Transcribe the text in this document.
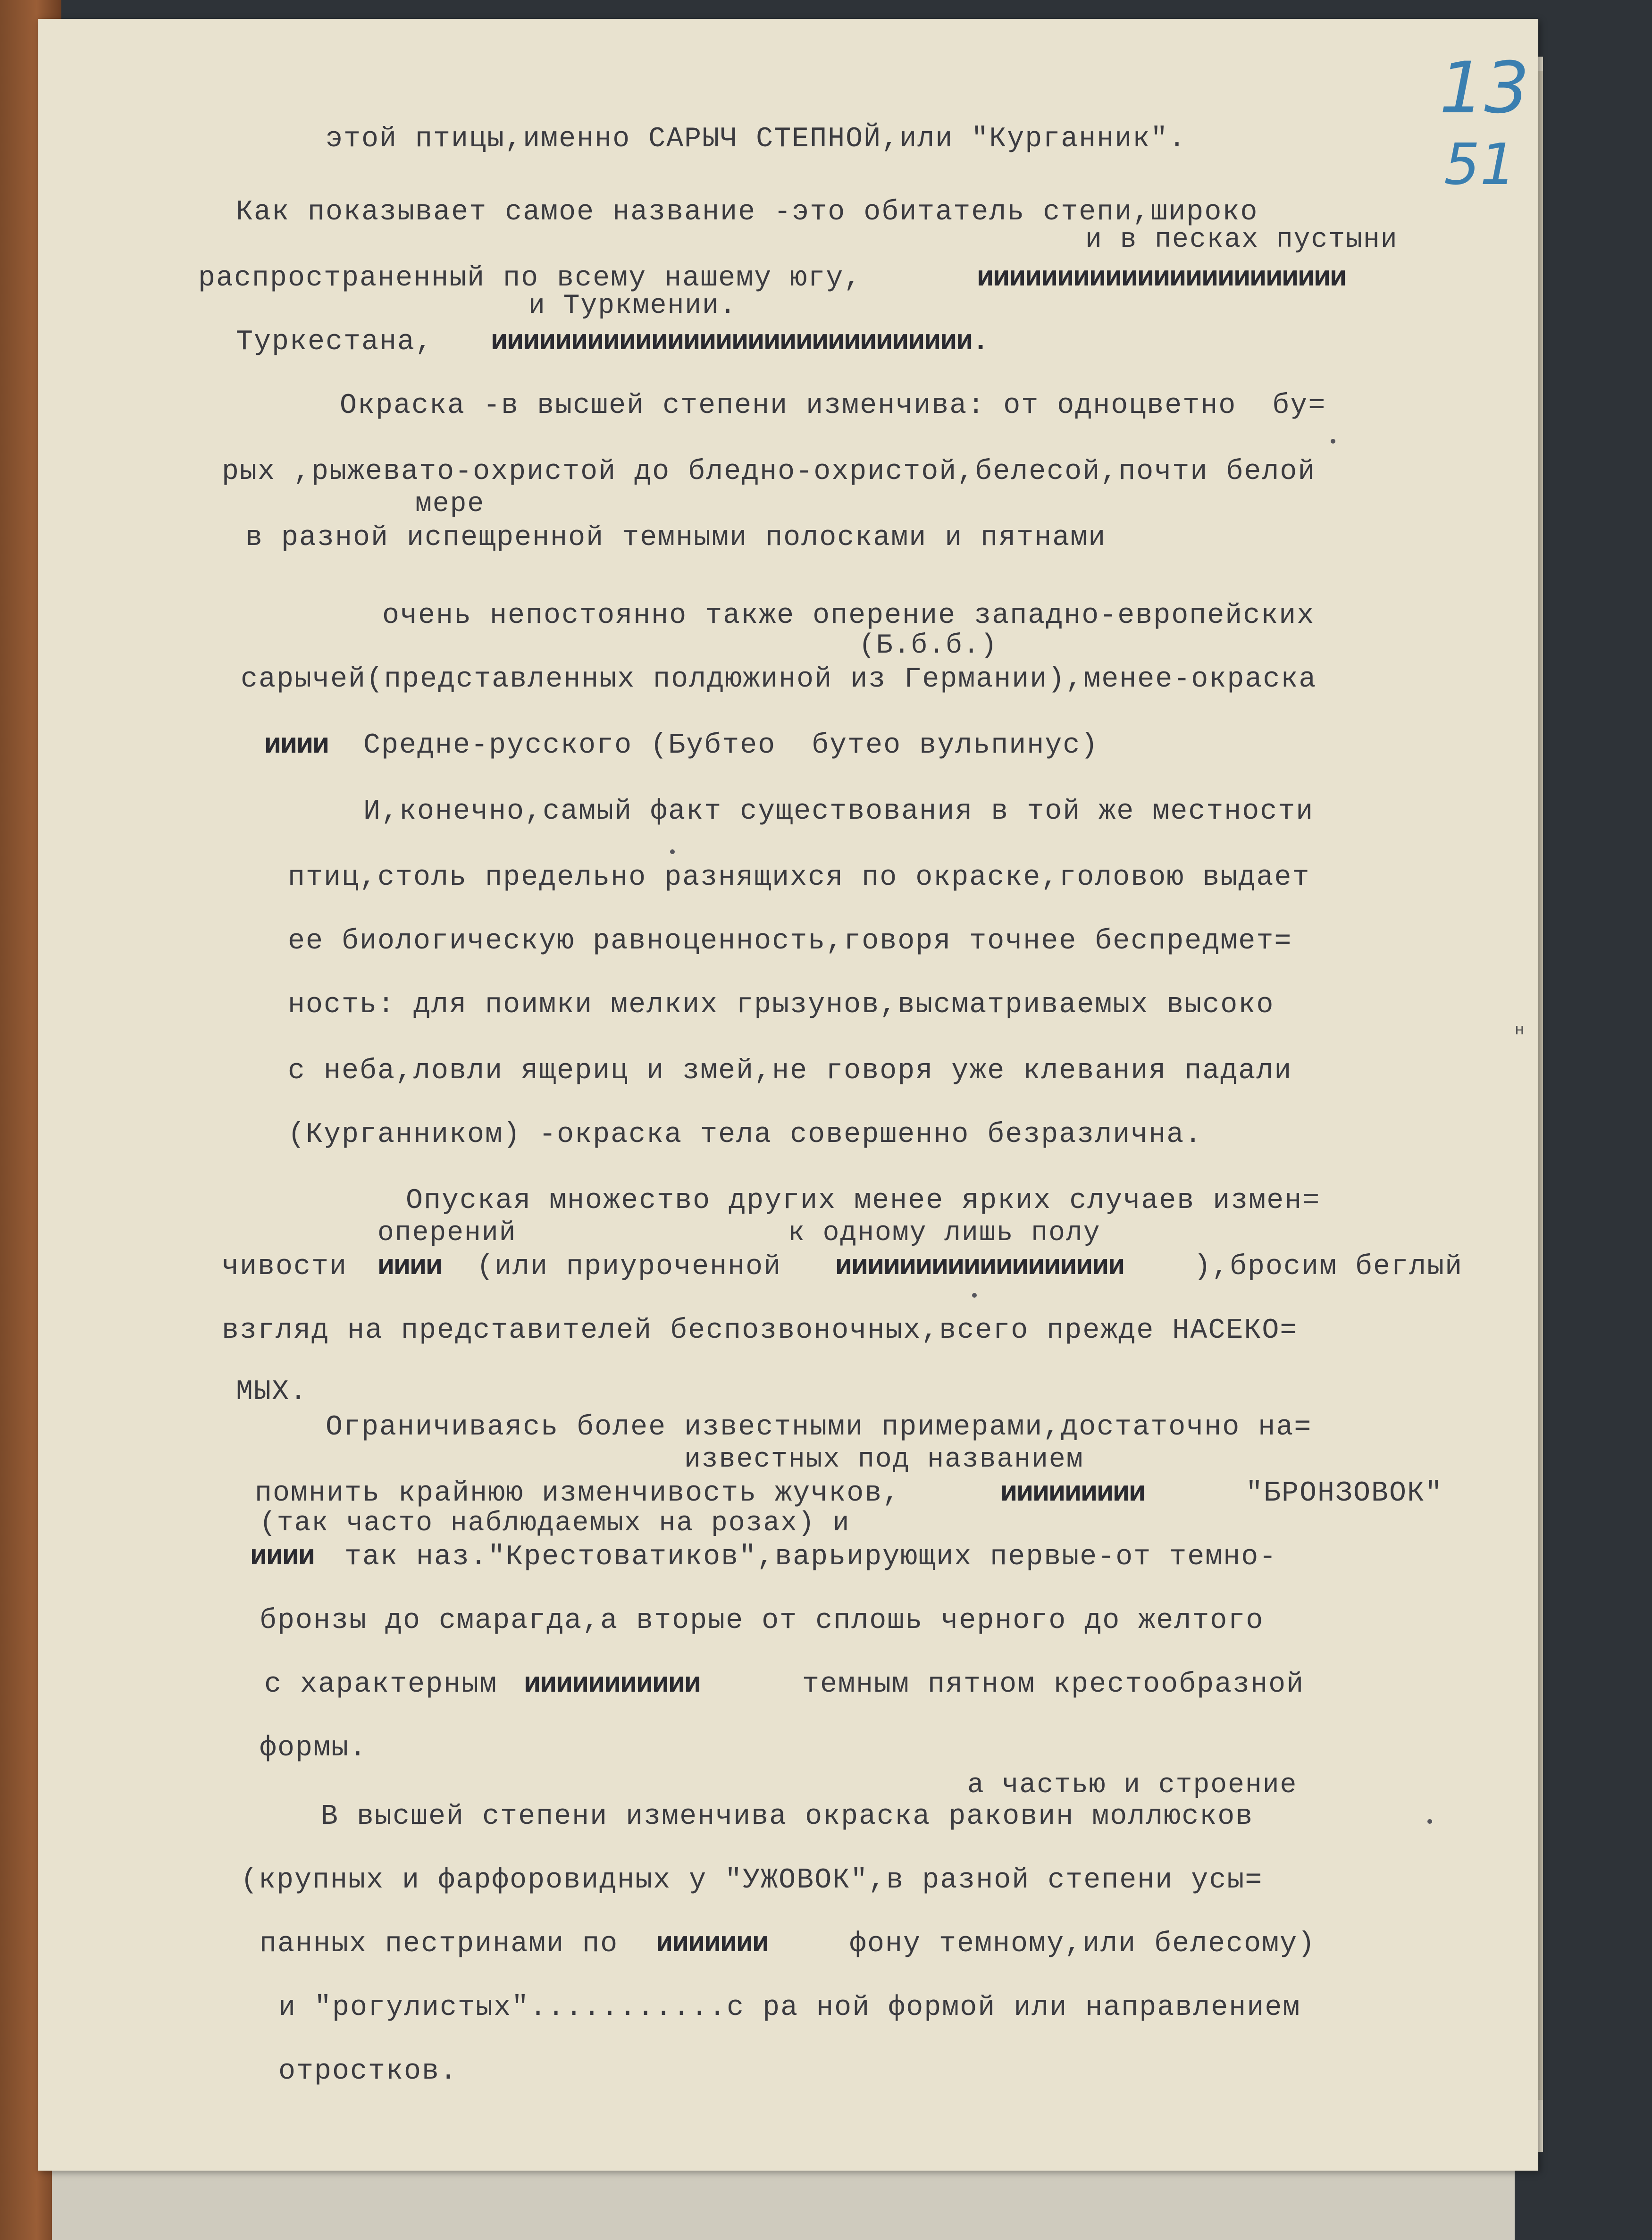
13
51
этой птицы,именно САРЫЧ СТЕПНОЙ,или "Курганник".
Как показывает самое название -это обитатель степи,широко
и в песках пустыни
распространенный по всему нашему югу,	иииииииииииииииииииииии
и Туркмении.
Туркестана, ииииииииииииииииииииииииииииии.
Окраска -в высшей степени изменчива: от одноцветно  бу=
рых ,рыжевато-охристой до бледно-охристой,белесой,почти белой
мере
в разной испещренной темными полосками и пятнами
очень непостоянно также оперение западно-европейских
(Б.б.б.)
сарычей(представленных полдюжиной из Германии),менее-окраска
ииии Средне-русского (Бубтео  бутео вульпинус)
И,конечно,самый факт существования в той же местности
птиц,столь предельно разнящихся по окраске,головою выдает
ее биологическую равноценность,говоря точнее беспредмет=
ность: для поимки мелких грызунов,высматриваемых высоко
с неба,ловли ящериц и змей,не говоря уже клевания падали
(Курганником) -окраска тела совершенно безразлична.
Опуская множество других менее ярких случаев измен=
оперений	к одному лишь полу
чивости ииии (или приуроченной ииииииииииииииииии ),бросим беглый
взгляд на представителей беспозвоночных,всего прежде НАСЕКО=
МЫХ.
Ограничиваясь более известными примерами,достаточно на=
известных под названием
помнить крайнюю изменчивость жучков,	иииииииии	"БРОНЗОВОК"
(так часто наблюдаемых на розах) и
ииии так наз."Крестоватиков",варьирующих первые-от темно-
бронзы до смарагда,а вторые от сплошь черного до желтого
с характерным иииииииииии	темным пятном крестообразной
формы.
а частью и строение
В высшей степени изменчива окраска раковин моллюсков
(крупных и фарфоровидных у "УЖОВОК",в разной степени усы=
панных пестринами по иииииии	фону темному,или белесому)
и "рогулистых"...........с ра ной формой или направлением
отростков.
н
